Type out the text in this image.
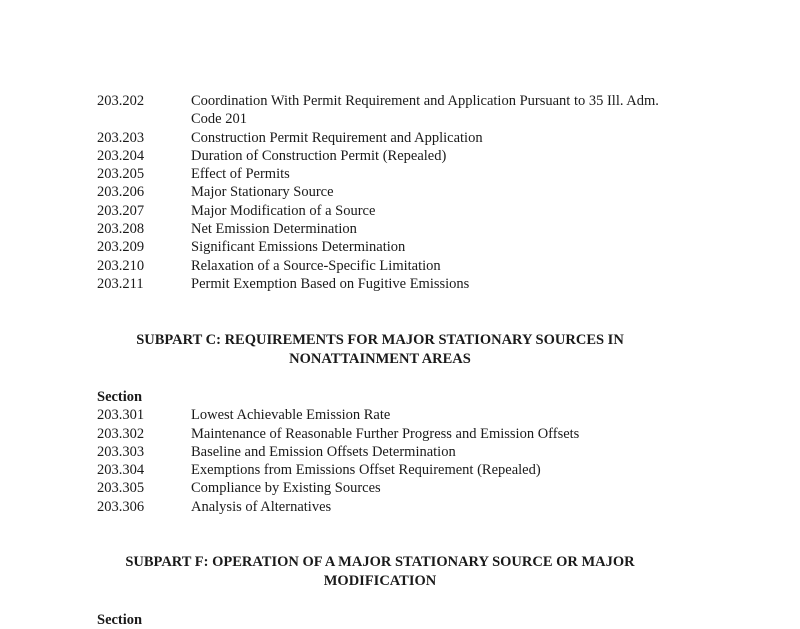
203.202	Coordination With Permit Requirement and Application Pursuant to 35 Ill. Adm. Code 201
203.203	Construction Permit Requirement and Application
203.204	Duration of Construction Permit (Repealed)
203.205	Effect of Permits
203.206	Major Stationary Source
203.207	Major Modification of a Source
203.208	Net Emission Determination
203.209	Significant Emissions Determination
203.210	Relaxation of a Source-Specific Limitation
203.211	Permit Exemption Based on Fugitive Emissions
SUBPART C: REQUIREMENTS FOR MAJOR STATIONARY SOURCES IN
NONATTAINMENT AREAS
Section
203.301	Lowest Achievable Emission Rate
203.302	Maintenance of Reasonable Further Progress and Emission Offsets
203.303	Baseline and Emission Offsets Determination
203.304	Exemptions from Emissions Offset Requirement (Repealed)
203.305	Compliance by Existing Sources
203.306	Analysis of Alternatives
SUBPART F: OPERATION OF A MAJOR STATIONARY SOURCE OR MAJOR
MODIFICATION
Section
